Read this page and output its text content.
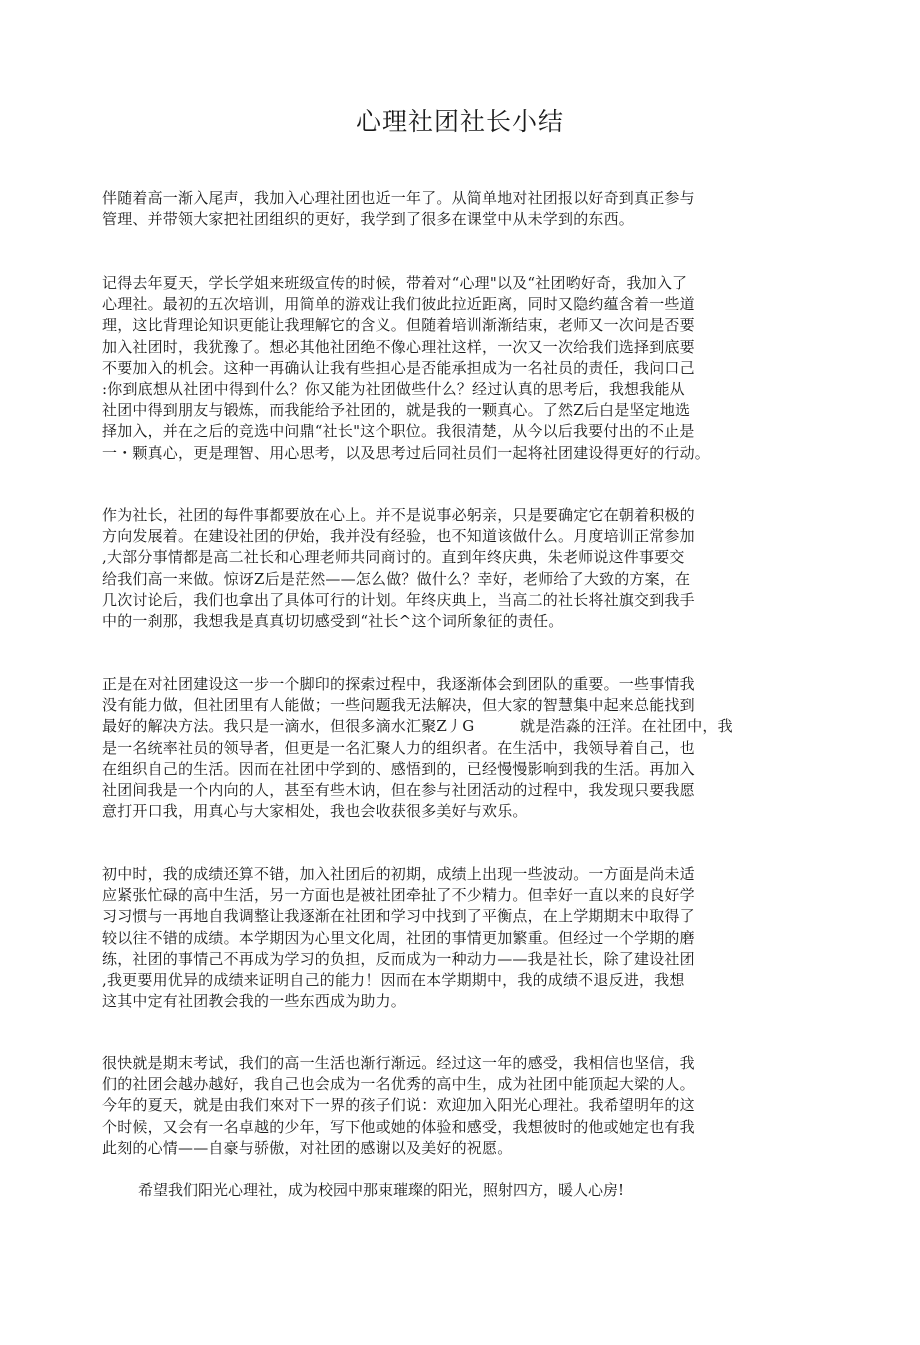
心理社团社长小结
伴随着高一渐入尾声，我加入心理社团也近一年了。从简单地对社团报以好奇到真正参与
管理、并带领大家把社团组织的更好，我学到了很多在课堂中从未学到的东西。
记得去年夏天，学长学姐来班级宣传的时候，带着对“心理"以及“社团哟好奇，我加入了
心理社。最初的五次培训，用简单的游戏让我们彼此拉近距离，同时又隐约蕴含着一些道
理，这比背理论知识更能让我理解它的含义。但随着培训渐渐结束，老师又一次问是否要
加入社团时，我犹豫了。想必其他社团绝不像心理社这样，一次又一次给我们选择到底要
不要加入的机会。这种一再确认让我有些担心是否能承担成为一名社员的责任，我问口己
:你到底想从社团中得到什么？你又能为社团做些什么？经过认真的思考后，我想我能从
社团中得到朋友与锻炼，而我能给予社团的，就是我的一颗真心。了然Z后白是坚定地选
择加入，并在之后的竞选中问鼎“社长"这个职位。我很清楚，从今以后我要付出的不止是
一・颗真心，更是理智、用心思考，以及思考过后同社员们一起将社团建设得更好的行动。
作为社长，社团的每件事都要放在心上。并不是说事必躬亲，只是要确定它在朝着积极的
方向发展着。在建设社团的伊始，我并没有经验，也不知道该做什么。月度培训正常参加
,大部分事情都是高二社长和心理老师共同商讨的。直到年终庆典，朱老师说这件事要交
给我们高一来做。惊讶Z后是茫然——怎么做？做什么？幸好，老师给了大致的方案，在
几次讨论后，我们也拿出了具体可行的计划。年终庆典上，当高二的社长将社旗交到我手
中的一刹那，我想我是真真切切感受到“社长^这个词所象征的责任。
正是在对社团建设这一步一个脚印的探索过程中，我逐渐体会到团队的重要。一些事情我
没有能力做，但社团里有人能做；一些问题我无法解决，但大家的智慧集中起来总能找到
最好的解决方法。我只是一滴水，但很多滴水汇聚Z丿G　　　就是浩淼的汪洋。在社团中，我
是一名统率社员的领导者，但更是一名汇聚人力的组织者。在生活中，我领导着自己，也
在组织自己的生活。因而在社团中学到的、感悟到的，已经慢慢影响到我的生活。再加入
社团间我是一个内向的人，甚至有些木讷，但在参与社团活动的过程中，我发现只要我愿
意打开口我，用真心与大家相处，我也会收获很多美好与欢乐。
初中时，我的成绩还算不错，加入社团后的初期，成绩上出现一些波动。一方面是尚未适
应紧张忙碌的高中生活，另一方面也是被社团牵扯了不少精力。但幸好一直以来的良好学
习习惯与一再地自我调整让我逐渐在社团和学习中找到了平衡点，在上学期期末中取得了
较以往不错的成绩。本学期因为心里文化周，社团的事情更加繁重。但经过一个学期的磨
练，社团的事情己不再成为学习的负担，反而成为一种动力——我是社长，除了建设社团
,我更要用优异的成绩来证明自己的能力！因而在本学期期中，我的成绩不退反进，我想
这其中定有社团教会我的一些东西成为助力。
很快就是期末考试，我们的高一生活也渐行渐远。经过这一年的感受，我相信也坚信，我
们的社团会越办越好，我自己也会成为一名优秀的高中生，成为社团中能顶起大梁的人。
今年的夏天，就是由我们來对下一界的孩子们说：欢迎加入阳光心理社。我希望明年的这
个时候，又会有一名卓越的少年，写下他或她的体验和感受，我想彼时的他或她定也有我
此刻的心情——自豪与骄傲，对社团的感谢以及美好的祝愿。

希望我们阳光心理社，成为校园中那束璀璨的阳光，照射四方，暖人心房!
